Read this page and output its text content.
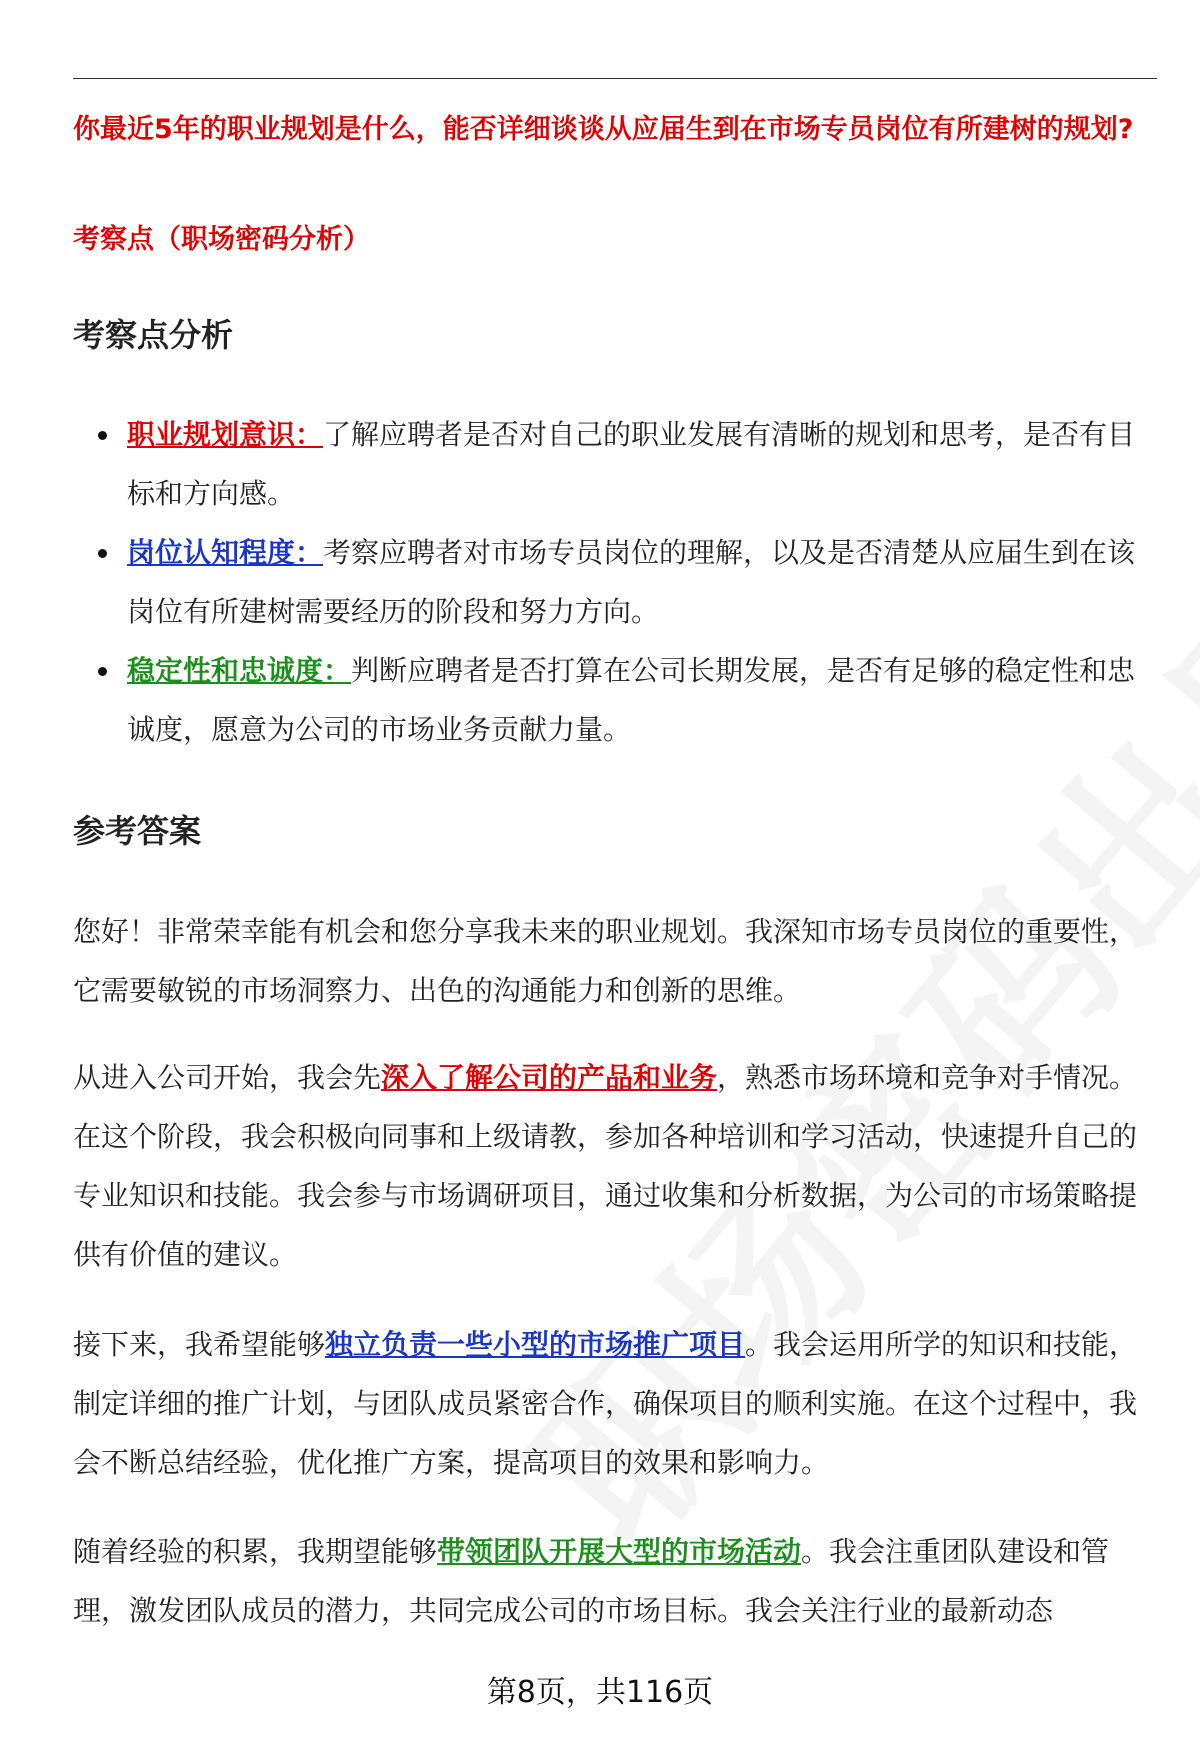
你最近5年的职业规划是什么，能否详细谈谈从应届生到在市场专员岗位有所建树的规划?
考察点（职场密码分析）
考察点分析
职业规划意识：了解应聘者是否对自己的职业发展有清晰的规划和思考，是否有目标和方向感。
岗位认知程度：考察应聘者对市场专员岗位的理解，以及是否清楚从应届生到在该岗位有所建树需要经历的阶段和努力方向。
稳定性和忠诚度：判断应聘者是否打算在公司长期发展，是否有足够的稳定性和忠诚度，愿意为公司的市场业务贡献力量。
参考答案

您好！非常荣幸能有机会和您分享我未来的职业规划。我深知市场专员岗位的重要性，它需要敏锐的市场洞察力、出色的沟通能力和创新的思维。

从进入公司开始，我会先深入了解公司的产品和业务，熟悉市场环境和竞争对手情况。在这个阶段，我会积极向同事和上级请教，参加各种培训和学习活动，快速提升自己的专业知识和技能。我会参与市场调研项目，通过收集和分析数据，为公司的市场策略提供有价值的建议。

接下来，我希望能够独立负责一些小型的市场推广项目。我会运用所学的知识和技能，制定详细的推广计划，与团队成员紧密合作，确保项目的顺利实施。在这个过程中，我会不断总结经验，优化推广方案，提高项目的效果和影响力。

随着经验的积累，我期望能够带领团队开展大型的市场活动。我会注重团队建设和管理，激发团队成员的潜力，共同完成公司的市场目标。我会关注行业的最新动态

第8页，共116页
